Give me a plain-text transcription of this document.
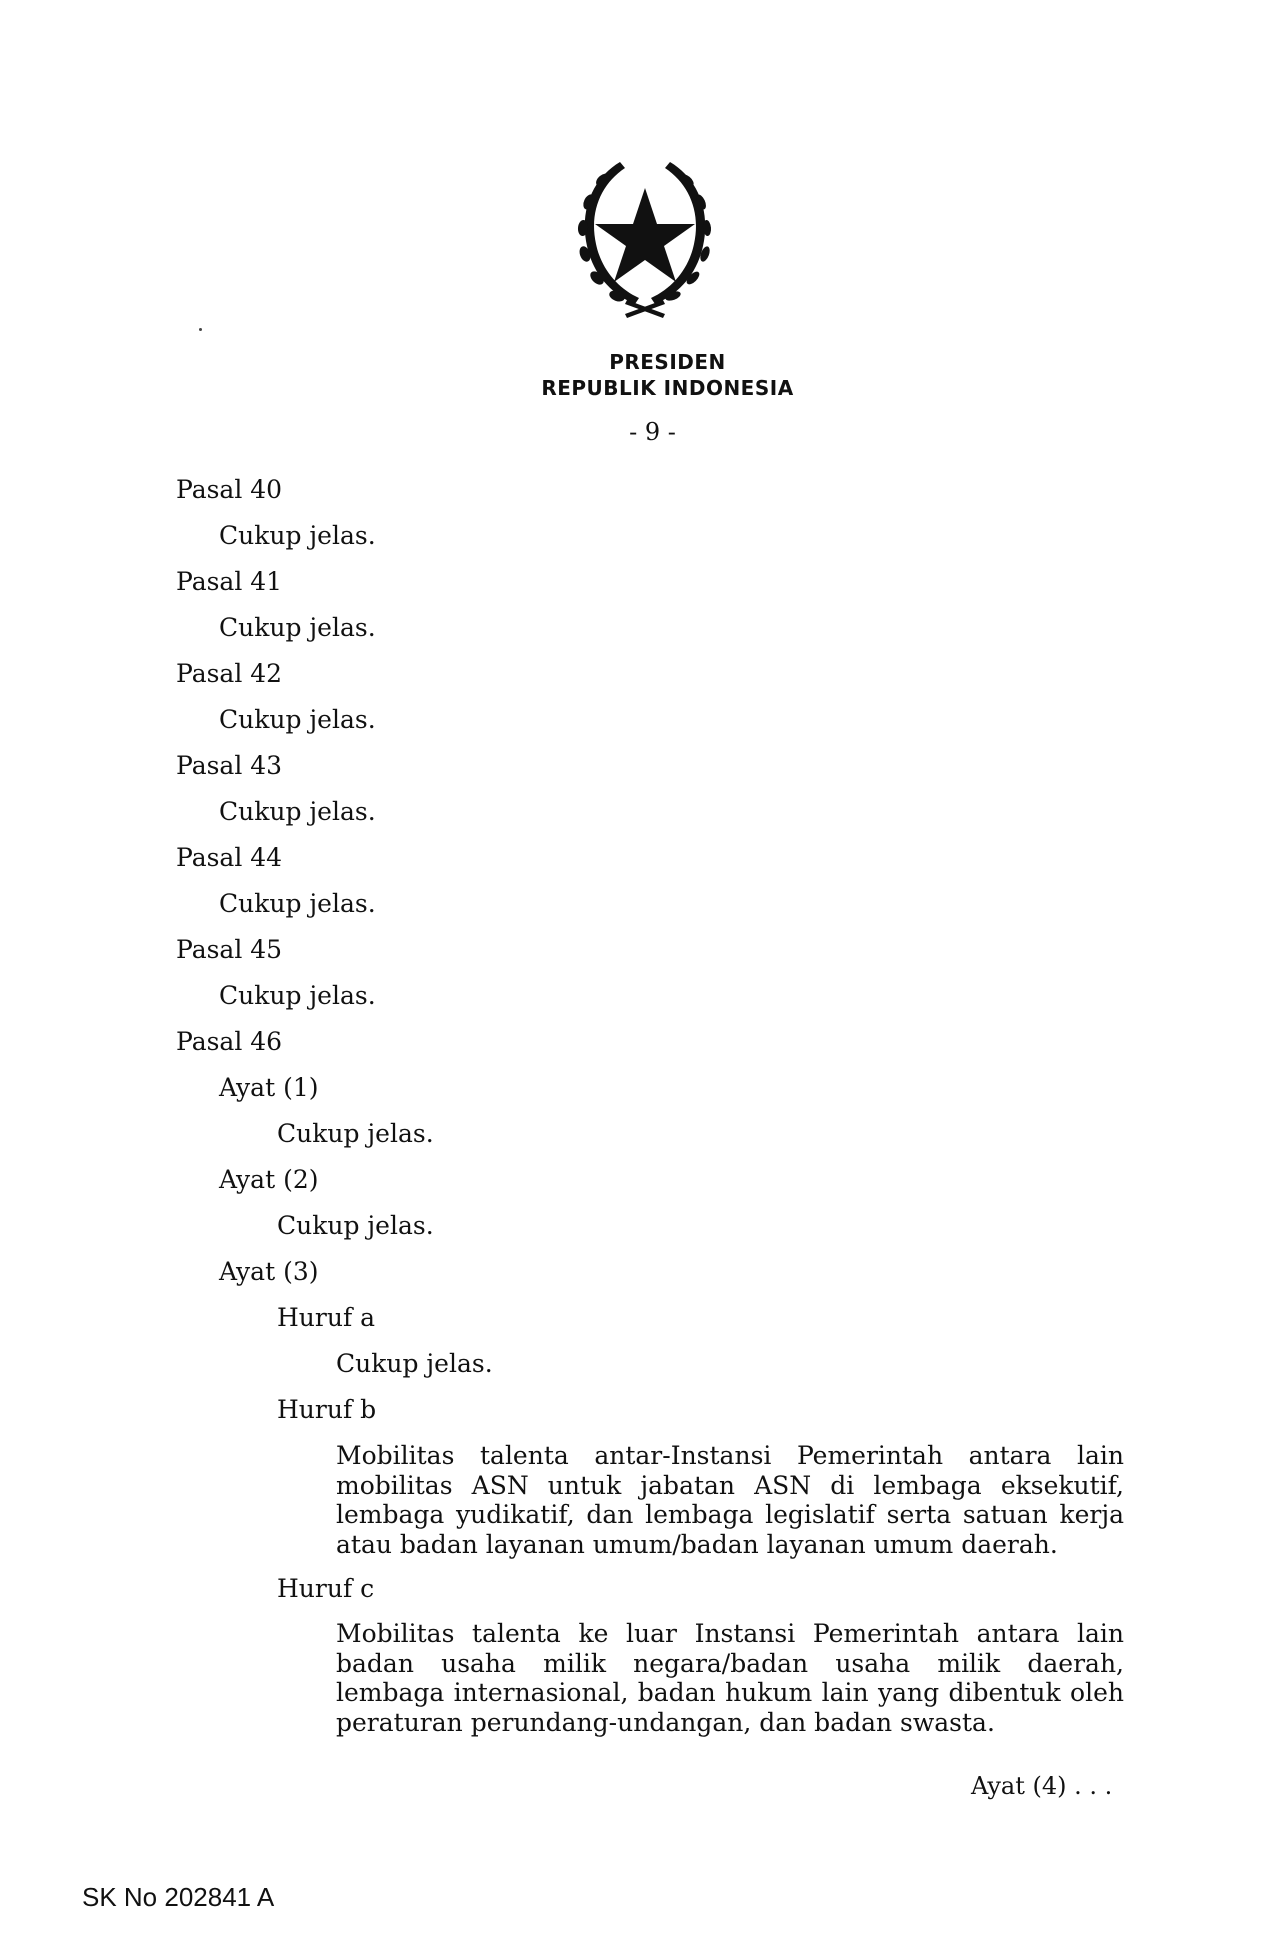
PRESIDEN
REPUBLIK INDONESIA
- 9 -
Pasal 40
Cukup jelas.
Pasal 41
Cukup jelas.
Pasal 42
Cukup jelas.
Pasal 43
Cukup jelas.
Pasal 44
Cukup jelas.
Pasal 45
Cukup jelas.
Pasal 46
Ayat (1)
Cukup jelas.
Ayat (2)
Cukup jelas.
Ayat (3)
Huruf a
Cukup jelas.
Huruf b
Mobilitas talenta antar-Instansi Pemerintah antara lain mobilitas ASN untuk jabatan ASN di lembaga eksekutif, lembaga yudikatif, dan lembaga legislatif serta satuan kerja atau badan layanan umum/badan layanan umum daerah.
Huruf c
Mobilitas talenta ke luar Instansi Pemerintah antara lain badan usaha milik negara/badan usaha milik daerah, lembaga internasional, badan hukum lain yang dibentuk oleh peraturan perundang-undangan, dan badan swasta.
Ayat (4) . . .
SK No 202841 A
